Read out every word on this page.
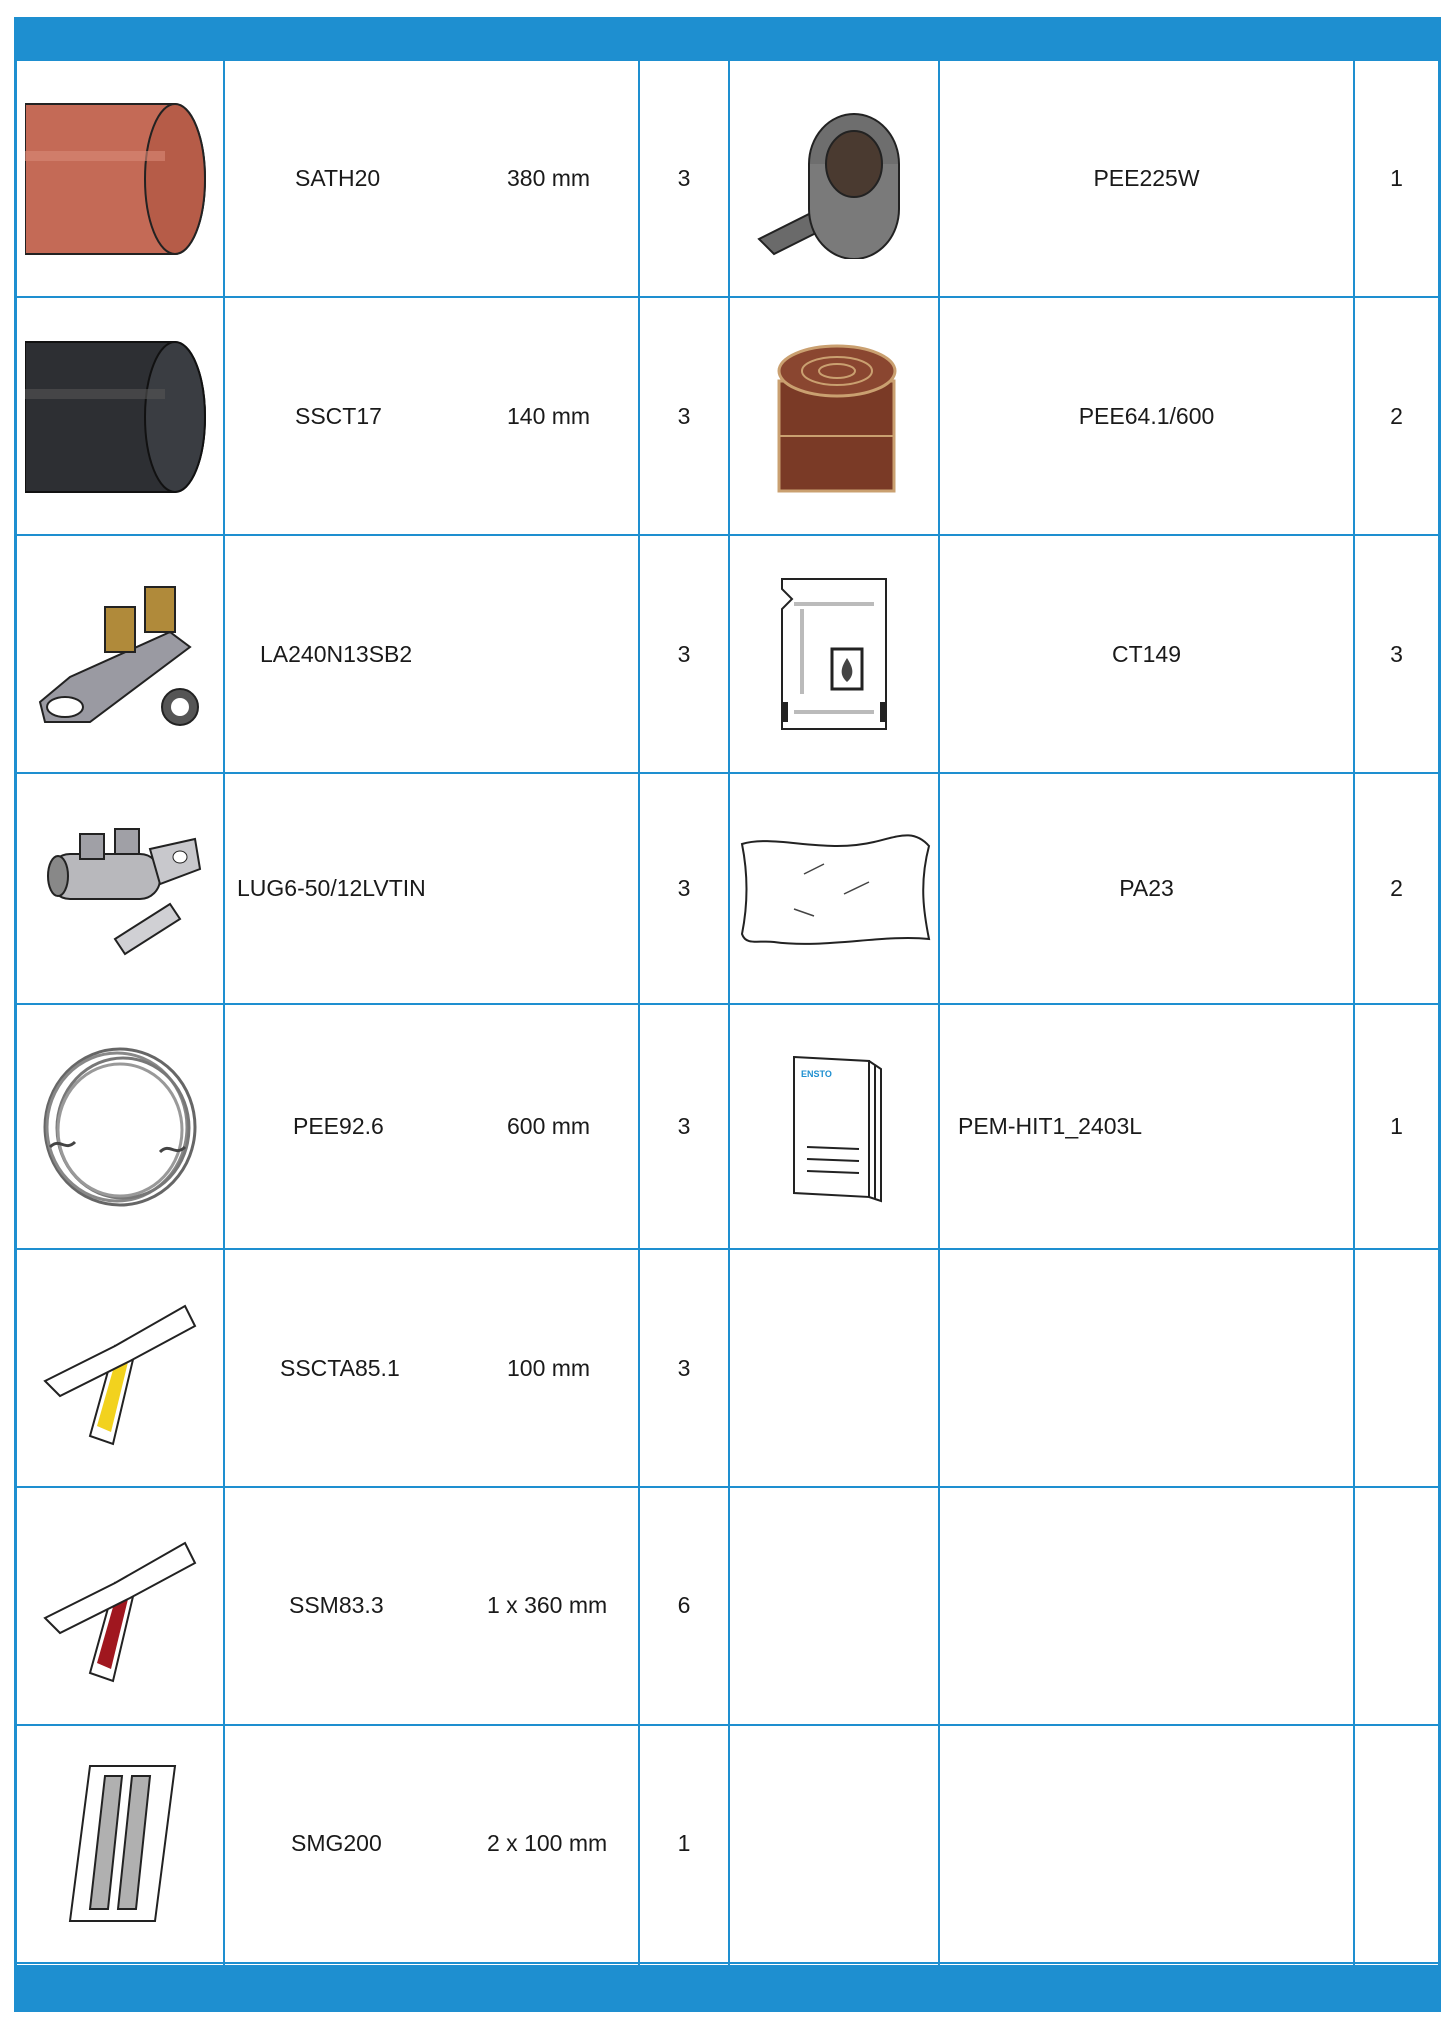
SATH20 380 mm	3		PEE225W	1

SSCT17 140 mm	3		PEE64.1/600	2

LA240N13SB2	3		CT149	3

LUG6-50/12LVTIN	3		PA23	2

PEE92.6 600 mm	3	ENSTO	PEM-HIT1_2403L	1

SSCTA85.1 100 mm	3			

SSM83.3 1 x 360 mm	6			

SMG200 2 x 100 mm	1			
